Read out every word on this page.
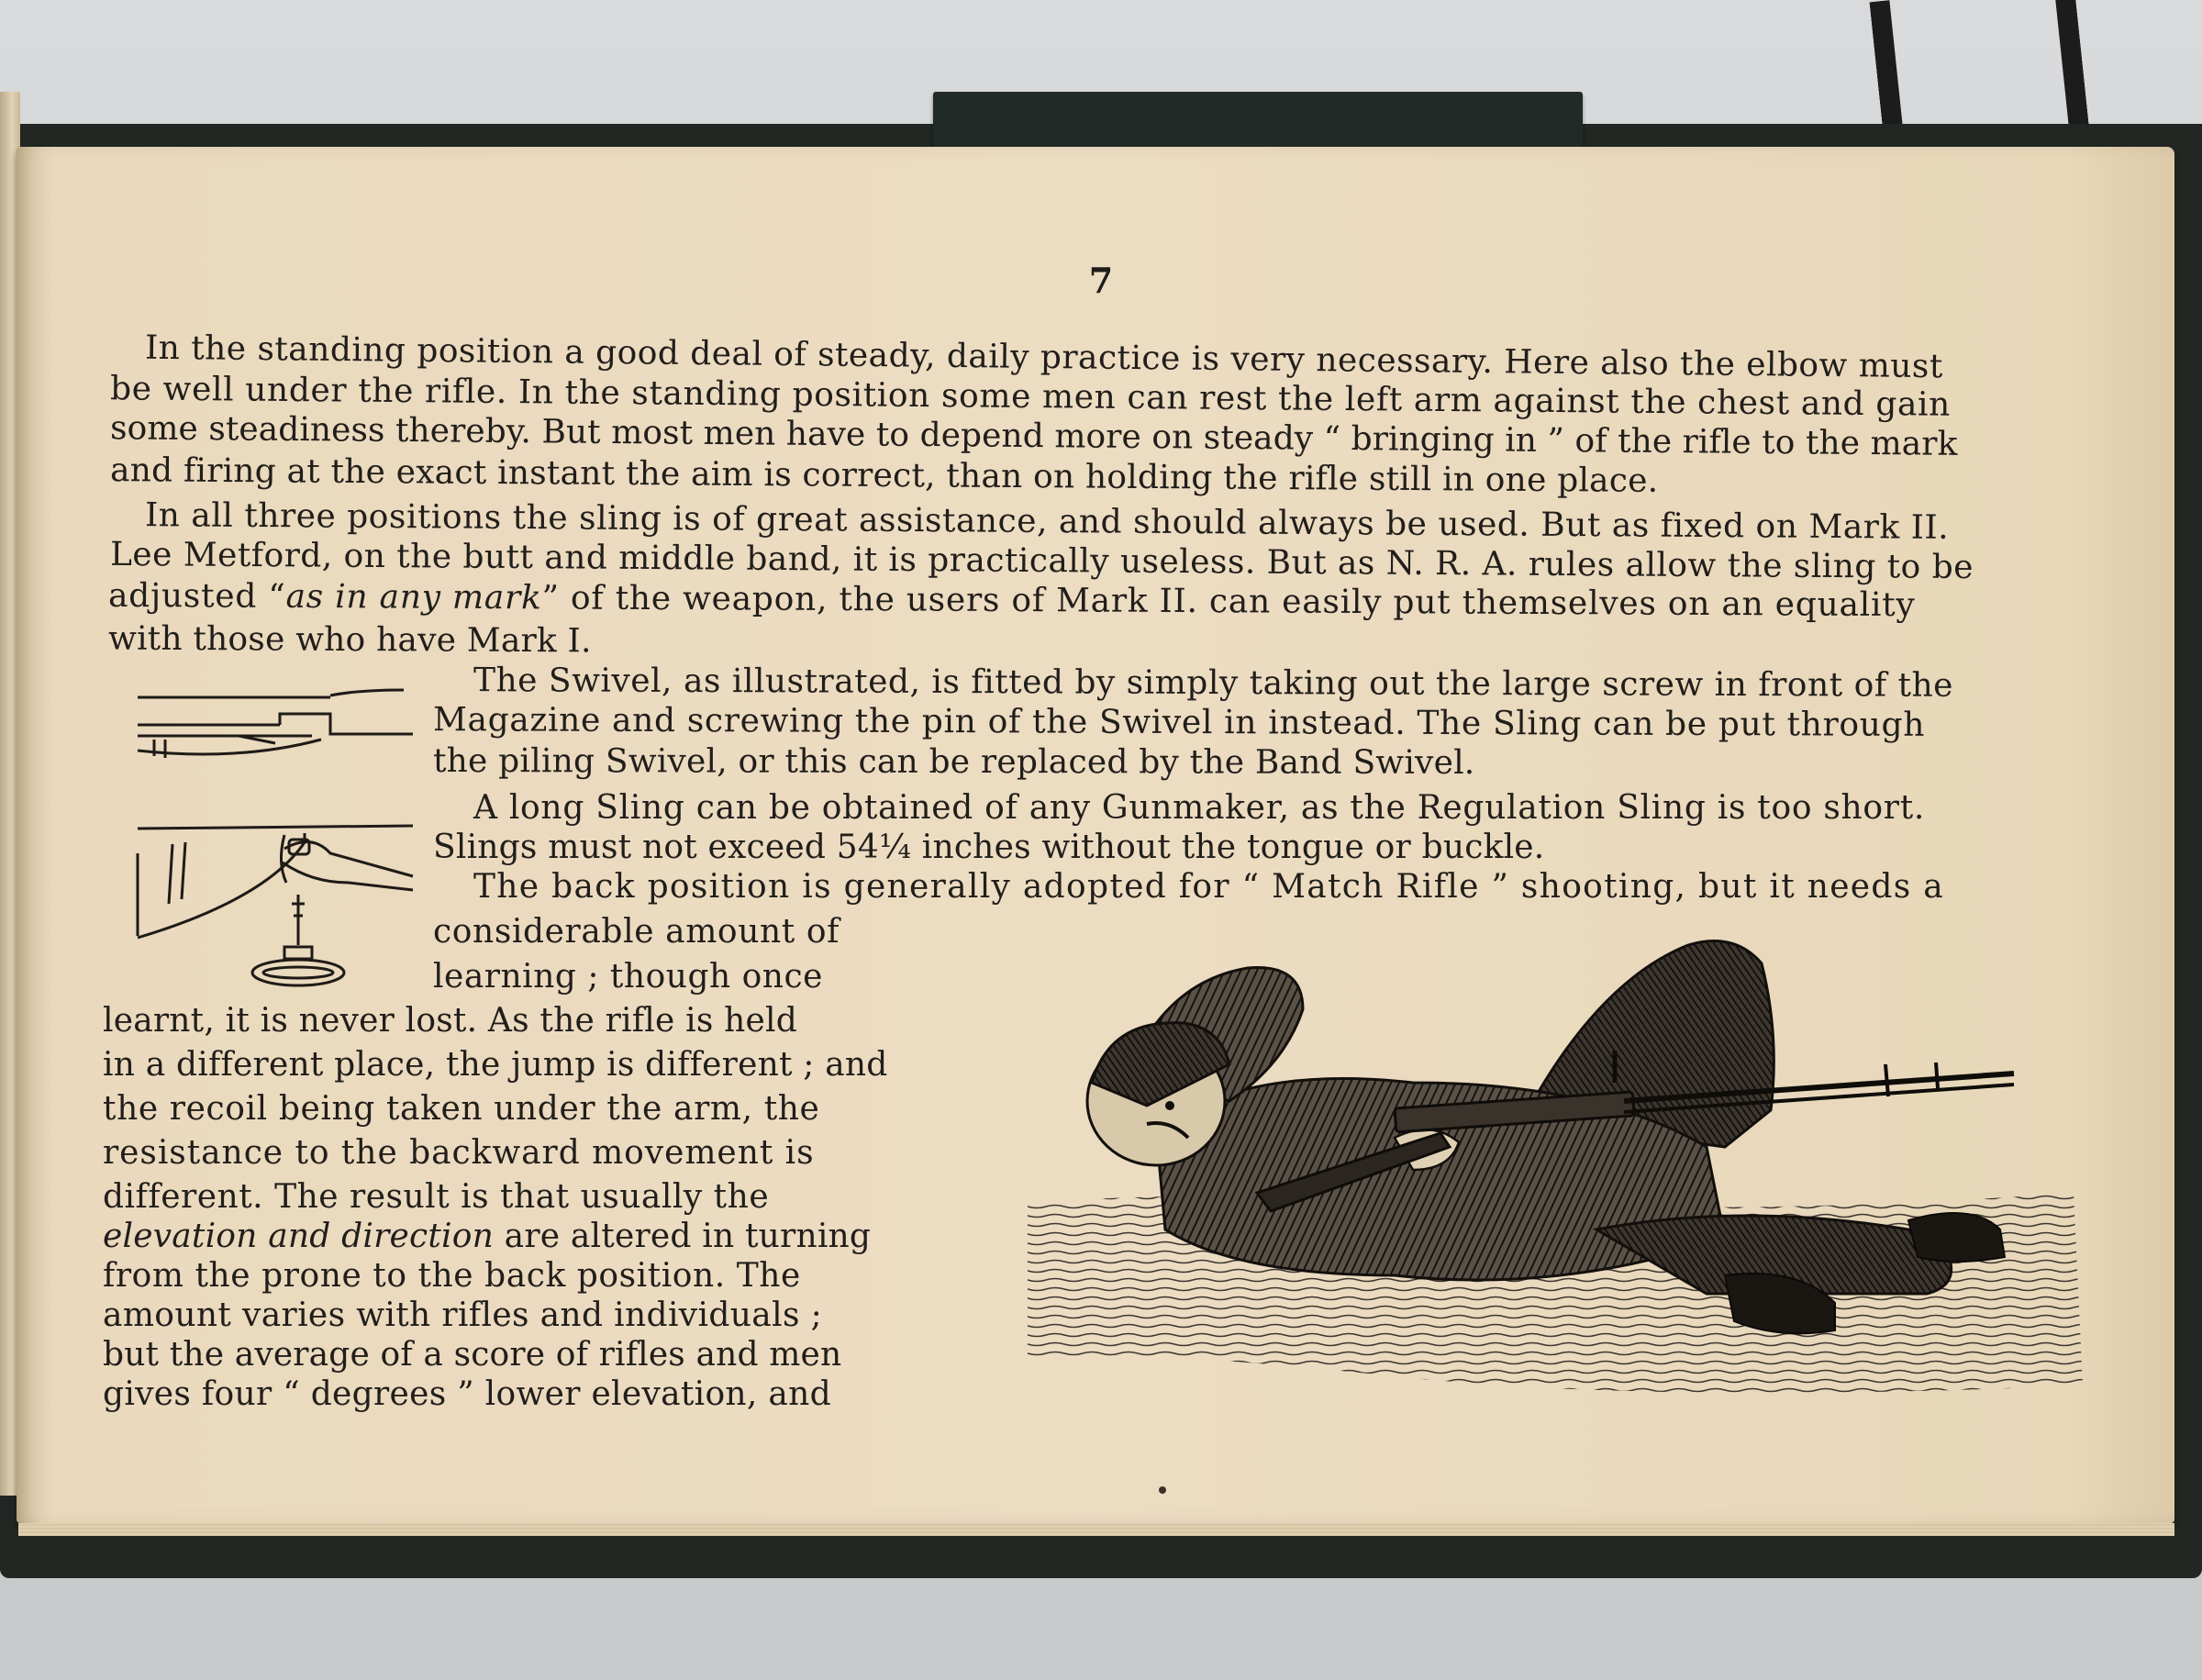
7

In the standing position a good deal of steady, daily practice is very necessary. Here also the elbow must

be well under the rifle. In the standing position some men can rest the left arm against the chest and gain

some steadiness thereby. But most men have to depend more on steady “ bringing in ” of the rifle to the mark

and firing at the exact instant the aim is correct, than on holding the rifle still in one place.

In all three positions the sling is of great assistance, and should always be used. But as fixed on Mark II.

Lee Metford, on the butt and middle band, it is practically useless. But as N. R. A. rules allow the sling to be

adjusted “as in any mark” of the weapon, the users of Mark II. can easily put themselves on an equality

with those who have Mark I.

The Swivel, as illustrated, is fitted by simply taking out the large screw in front of the

Magazine and screwing the pin of the Swivel in instead. The Sling can be put through

the piling Swivel, or this can be replaced by the Band Swivel.

A long Sling can be obtained of any Gunmaker, as the Regulation Sling is too short.

Slings must not exceed 54¼ inches without the tongue or buckle.

The back position is generally adopted for “ Match Rifle ” shooting, but it needs a

considerable amount of

learning ; though once

learnt, it is never lost. As the rifle is held

in a different place, the jump is different ; and

the recoil being taken under the arm, the

resistance to the backward movement is

different. The result is that usually the

elevation and direction are altered in turning

from the prone to the back position. The

amount varies with rifles and individuals ;

but the average of a score of rifles and men

gives four “ degrees ” lower elevation, and
